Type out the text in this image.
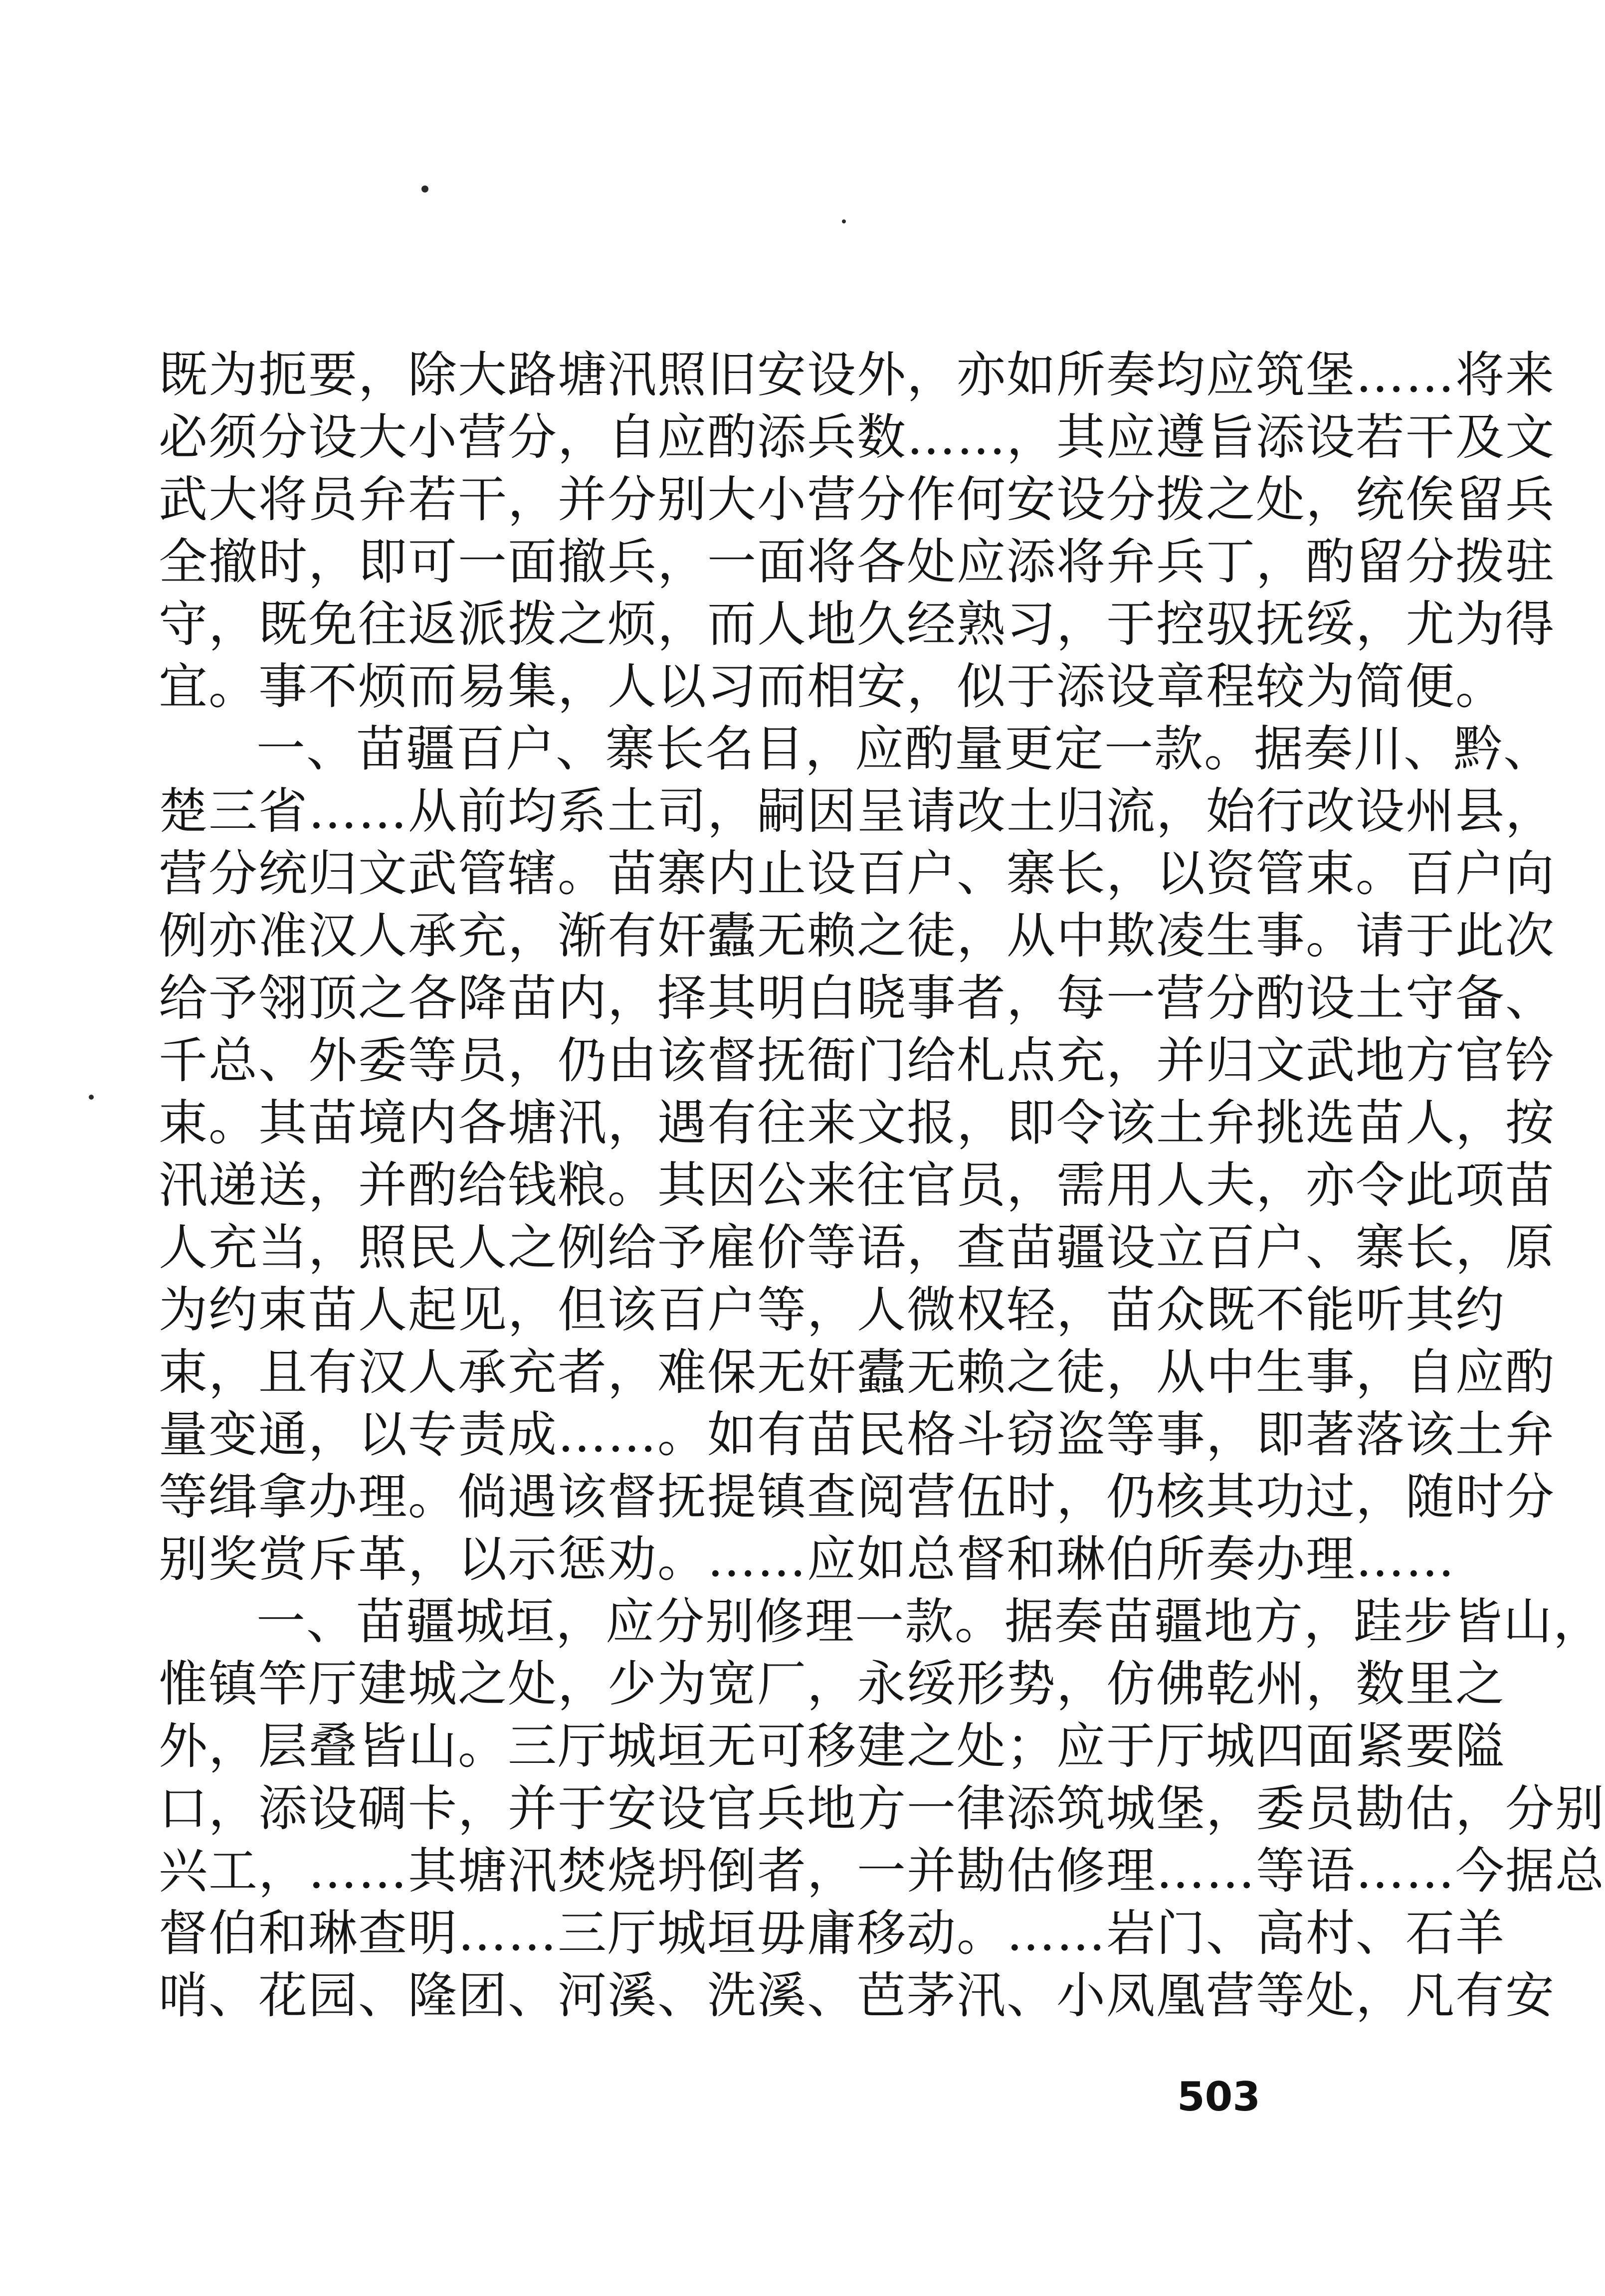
既为扼要，除大路塘汛照旧安设外，亦如所奏均应筑堡……将来
必须分设大小营分，自应酌添兵数……，其应遵旨添设若干及文
武大将员弁若干，并分别大小营分作何安设分拨之处，统俟留兵
全撤时，即可一面撤兵，一面将各处应添将弁兵丁，酌留分拨驻
守，既免往返派拨之烦，而人地久经熟习，于控驭抚绥，尤为得
宜。事不烦而易集，人以习而相安，似于添设章程较为简便。
一、苗疆百户、寨长名目，应酌量更定一款。据奏川、黔、
楚三省……从前均系土司，嗣因呈请改土归流，始行改设州县，
营分统归文武管辖。苗寨内止设百户、寨长，以资管束。百户向
例亦准汉人承充，渐有奸蠹无赖之徒，从中欺凌生事。请于此次
给予翎顶之各降苗内，择其明白晓事者，每一营分酌设土守备、
千总、外委等员，仍由该督抚衙门给札点充，并归文武地方官钤
束。其苗境内各塘汛，遇有往来文报，即令该土弁挑选苗人，按
汛递送，并酌给钱粮。其因公来往官员，需用人夫，亦令此项苗
人充当，照民人之例给予雇价等语，查苗疆设立百户、寨长，原
为约束苗人起见，但该百户等，人微权轻，苗众既不能听其约
束，且有汉人承充者，难保无奸蠹无赖之徒，从中生事，自应酌
量变通，以专责成……。如有苗民格斗窃盗等事，即著落该土弁
等缉拿办理。倘遇该督抚提镇查阅营伍时，仍核其功过，随时分
别奖赏斥革，以示惩劝。……应如总督和琳伯所奏办理……
一、苗疆城垣，应分别修理一款。据奏苗疆地方，跬步皆山，
惟镇竿厅建城之处，少为宽厂，永绥形势，仿佛乾州，数里之
外，层叠皆山。三厅城垣无可移建之处；应于厅城四面紧要隘
口，添设碉卡，并于安设官兵地方一律添筑城堡，委员勘估，分别
兴工，……其塘汛焚烧坍倒者，一并勘估修理……等语……今据总
督伯和琳查明……三厅城垣毋庸移动。……岩门、高村、石羊
哨、花园、隆团、河溪、洗溪、芭茅汛、小凤凰营等处，凡有安
503
